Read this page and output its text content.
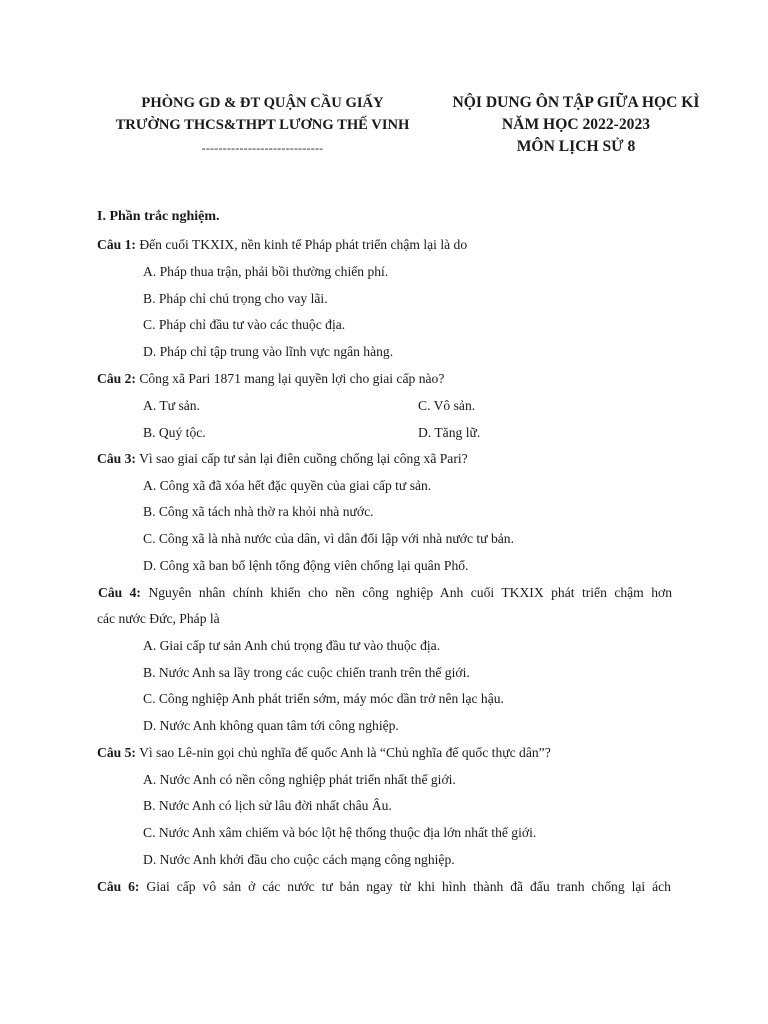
PHÒNG GD & ĐT QUẬN CẦU GIẤY
TRƯỜNG THCS&THPT LƯƠNG THẾ VINH
-----------------------------
NỘI DUNG ÔN TẬP GIỮA HỌC KÌ
NĂM HỌC 2022-2023
MÔN LỊCH SỬ 8
I. Phần trắc nghiệm.
Câu 1: Đến cuối TKXIX, nền kinh tế Pháp phát triển chậm lại là do
A. Pháp thua trận, phải bồi thường chiến phí.
B. Pháp chỉ chú trọng cho vay lãi.
C. Pháp chỉ đầu tư vào các thuộc địa.
D. Pháp chỉ tập trung vào lĩnh vực ngân hàng.
Câu 2: Công xã Pari 1871 mang lại quyền lợi cho giai cấp nào?
A. Tư sản.	C. Vô sản.
B. Quý tộc.	D. Tăng lữ.
Câu 3: Vì sao giai cấp tư sản lại điên cuồng chống lại công xã Pari?
A. Công xã đã xóa hết đặc quyền của giai cấp tư sản.
B. Công xã tách nhà thờ ra khỏi nhà nước.
C. Công xã là nhà nước của dân, vì dân đối lập với nhà nước tư bản.
D. Công xã ban bố lệnh tổng động viên chống lại quân Phổ.
Câu 4: Nguyên nhân chính khiến cho nền công nghiệp Anh cuối TKXIX phát triển chậm hơn
các nước Đức, Pháp là
A. Giai cấp tư sản Anh chú trọng đầu tư vào thuộc địa.
B. Nước Anh sa lầy trong các cuộc chiến tranh trên thế giới.
C. Công nghiệp Anh phát triển sớm, máy móc dần trở nên lạc hậu.
D. Nước Anh không quan tâm tới công nghiệp.
Câu 5: Vì sao Lê-nin gọi chủ nghĩa đế quốc Anh là “Chủ nghĩa đế quốc thực dân”?
A. Nước Anh có nền công nghiệp phát triển nhất thế giới.
B. Nước Anh có lịch sử lâu đời nhất châu Âu.
C. Nước Anh xâm chiếm và bóc lột hệ thống thuộc địa lớn nhất thế giới.
D. Nước Anh khởi đầu cho cuộc cách mạng công nghiệp.
Câu 6: Giai cấp vô sản ở các nước tư bản ngay từ khi hình thành đã đấu tranh chống lại ách
